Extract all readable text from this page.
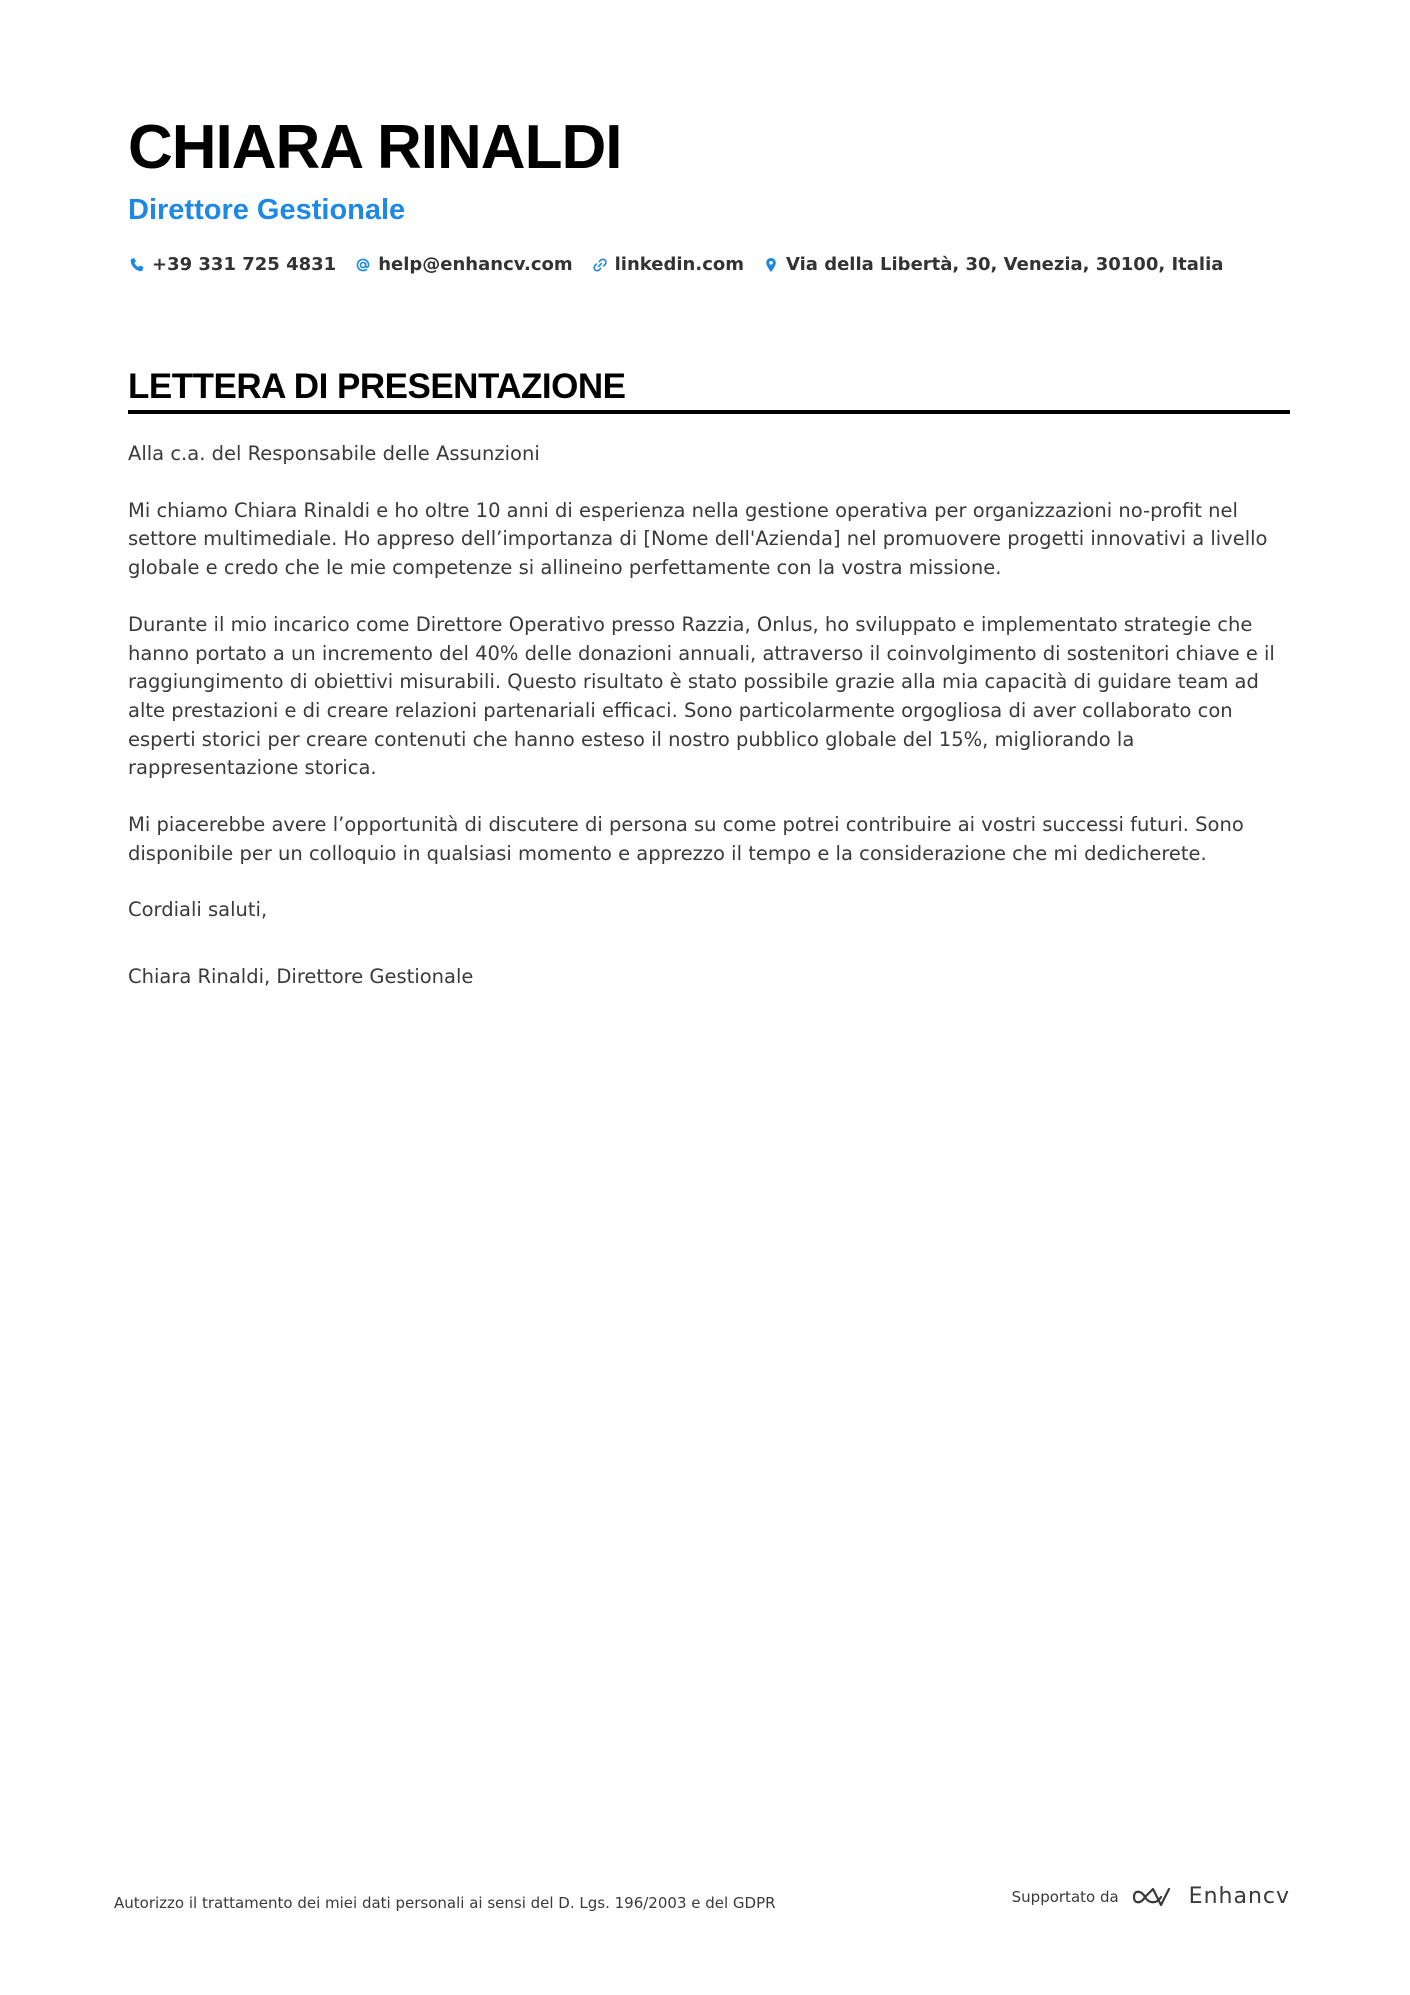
CHIARA RINALDI
Direttore Gestionale
+39 331 725 4831 help@enhancv.com linkedin.com Via della Libertà, 30, Venezia, 30100, Italia
LETTERA DI PRESENTAZIONE

Alla c.a. del Responsabile delle Assunzioni

Mi chiamo Chiara Rinaldi e ho oltre 10 anni di esperienza nella gestione operativa per organizzazioni no-profit nel settore multimediale. Ho appreso dell’importanza di [Nome dell'Azienda] nel promuovere progetti innovativi a livello globale e credo che le mie competenze si allineino perfettamente con la vostra missione.

Durante il mio incarico come Direttore Operativo presso Razzia, Onlus, ho sviluppato e implementato strategie che hanno portato a un incremento del 40% delle donazioni annuali, attraverso il coinvolgimento di sostenitori chiave e il raggiungimento di obiettivi misurabili. Questo risultato è stato possibile grazie alla mia capacità di guidare team ad alte prestazioni e di creare relazioni partenariali efficaci. Sono particolarmente orgogliosa di aver collaborato con esperti storici per creare contenuti che hanno esteso il nostro pubblico globale del 15%, migliorando la rappresentazione storica.

Mi piacerebbe avere l’opportunità di discutere di persona su come potrei contribuire ai vostri successi futuri. Sono disponibile per un colloquio in qualsiasi momento e apprezzo il tempo e la considerazione che mi dedicherete.

Cordiali saluti,

Chiara Rinaldi, Direttore Gestionale

Autorizzo il trattamento dei miei dati personali ai sensi del D. Lgs. 196/2003 e del GDPR	Supportato da	Enhancv
